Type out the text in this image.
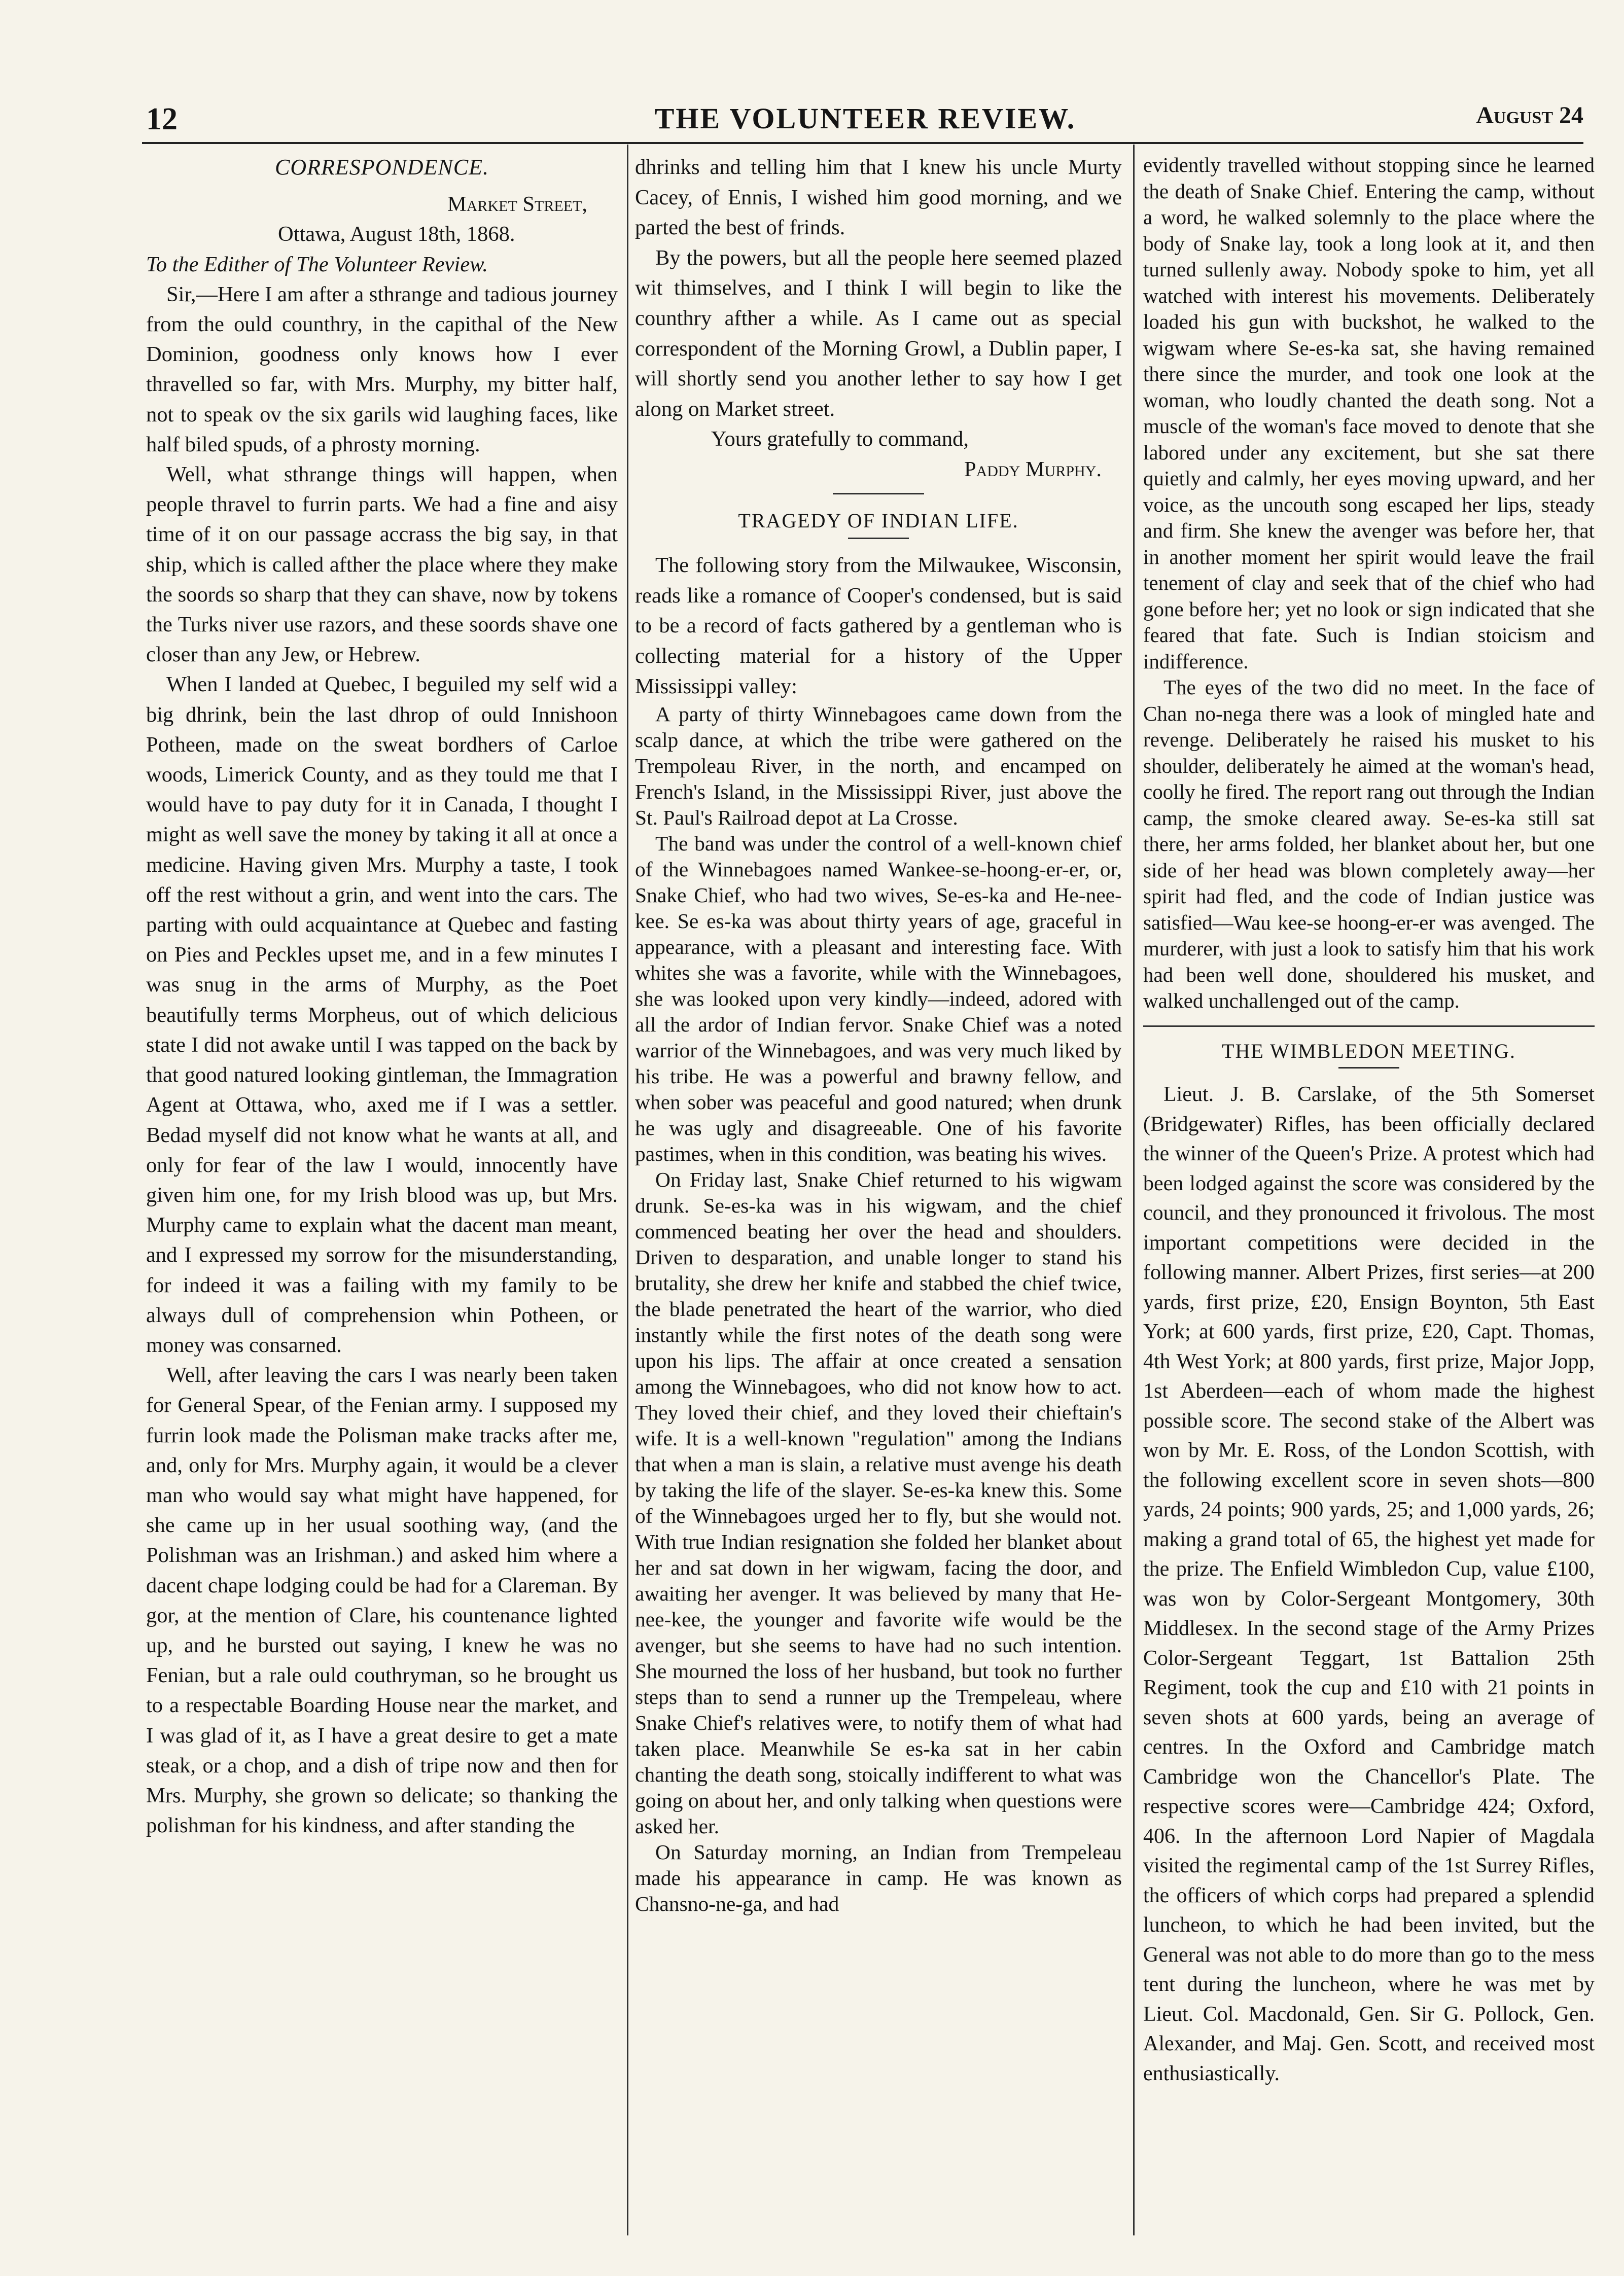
12	THE VOLUNTEER REVIEW.	August 24
CORRESPONDENCE.

Market Street,

Ottawa, August 18th, 1868.

To the Edither of The Volunteer Review.

Sir,—Here I am after a sthrange and tadious journey from the ould counthry, in the capithal of the New Dominion, goodness only knows how I ever thravelled so far, with Mrs. Murphy, my bitter half, not to speak ov the six garils wid laughing faces, like half biled spuds, of a phrosty morning.

Well, what sthrange things will happen, when people thravel to furrin parts. We had a fine and aisy time of it on our passage accrass the big say, in that ship, which is called afther the place where they make the soords so sharp that they can shave, now by tokens the Turks niver use razors, and these soords shave one closer than any Jew, or Hebrew.

When I landed at Quebec, I beguiled my self wid a big dhrink, bein the last dhrop of ould Innishoon Potheen, made on the sweat bordhers of Carloe woods, Limerick County, and as they tould me that I would have to pay duty for it in Canada, I thought I might as well save the money by taking it all at once a medicine. Having given Mrs. Murphy a taste, I took off the rest without a grin, and went into the cars. The parting with ould acquaintance at Quebec and fasting on Pies and Peckles upset me, and in a few minutes I was snug in the arms of Murphy, as the Poet beautifully terms Morpheus, out of which delicious state I did not awake until I was tapped on the back by that good natured looking gintleman, the Immagration Agent at Ottawa, who, axed me if I was a settler. Bedad myself did not know what he wants at all, and only for fear of the law I would, innocently have given him one, for my Irish blood was up, but Mrs. Murphy came to explain what the dacent man meant, and I expressed my sorrow for the misunderstanding, for indeed it was a failing with my family to be always dull of comprehension whin Potheen, or money was consarned.

Well, after leaving the cars I was nearly been taken for General Spear, of the Fenian army. I supposed my furrin look made the Polisman make tracks after me, and, only for Mrs. Murphy again, it would be a clever man who would say what might have happened, for she came up in her usual soothing way, (and the Polishman was an Irishman.) and asked him where a dacent chape lodging could be had for a Clareman. By gor, at the mention of Clare, his countenance lighted up, and he bursted out saying, I knew he was no Fenian, but a rale ould couthryman, so he brought us to a respectable Boarding House near the market, and I was glad of it, as I have a great desire to get a mate steak, or a chop, and a dish of tripe now and then for Mrs. Murphy, she grown so delicate; so thanking the polishman for his kindness, and after standing the

dhrinks and telling him that I knew his uncle Murty Cacey, of Ennis, I wished him good morning, and we parted the best of frinds.

By the powers, but all the people here seemed plazed wit thimselves, and I think I will begin to like the counthry afther a while. As I came out as special correspondent of the Morning Growl, a Dublin paper, I will shortly send you another lether to say how I get along on Market street.

Yours gratefully to command,

Paddy Murphy.

TRAGEDY OF INDIAN LIFE.

The following story from the Milwaukee, Wisconsin, reads like a romance of Cooper's condensed, but is said to be a record of facts gathered by a gentleman who is collecting material for a history of the Upper Mississippi valley:

A party of thirty Winnebagoes came down from the scalp dance, at which the tribe were gathered on the Trempoleau River, in the north, and encamped on French's Island, in the Mississippi River, just above the St. Paul's Railroad depot at La Crosse.

The band was under the control of a well-known chief of the Winnebagoes named Wankee-se-hoong-er-er, or, Snake Chief, who had two wives, Se-es-ka and He-nee-kee. Se es-ka was about thirty years of age, graceful in appearance, with a pleasant and interesting face. With whites she was a favorite, while with the Winnebagoes, she was looked upon very kindly—indeed, adored with all the ardor of Indian fervor. Snake Chief was a noted warrior of the Winnebagoes, and was very much liked by his tribe. He was a powerful and brawny fellow, and when sober was peaceful and good natured; when drunk he was ugly and disagreeable. One of his favorite pastimes, when in this condition, was beating his wives.

On Friday last, Snake Chief returned to his wigwam drunk. Se-es-ka was in his wigwam, and the chief commenced beating her over the head and shoulders. Driven to desparation, and unable longer to stand his brutality, she drew her knife and stabbed the chief twice, the blade penetrated the heart of the warrior, who died instantly while the first notes of the death song were upon his lips. The affair at once created a sensation among the Winnebagoes, who did not know how to act. They loved their chief, and they loved their chieftain's wife. It is a well-known "regulation" among the Indians that when a man is slain, a relative must avenge his death by taking the life of the slayer. Se-es-ka knew this. Some of the Winnebagoes urged her to fly, but she would not. With true Indian resignation she folded her blanket about her and sat down in her wigwam, facing the door, and awaiting her avenger. It was believed by many that He-nee-kee, the younger and favorite wife would be the avenger, but she seems to have had no such intention. She mourned the loss of her husband, but took no further steps than to send a runner up the Trempeleau, where Snake Chief's relatives were, to notify them of what had taken place. Meanwhile Se es-ka sat in her cabin chanting the death song, stoically indifferent to what was going on about her, and only talking when questions were asked her.

On Saturday morning, an Indian from Trempeleau made his appearance in camp. He was known as Chansno-ne-ga, and had

evidently travelled without stopping since he learned the death of Snake Chief. Entering the camp, without a word, he walked solemnly to the place where the body of Snake lay, took a long look at it, and then turned sullenly away. Nobody spoke to him, yet all watched with interest his movements. Deliberately loaded his gun with buckshot, he walked to the wigwam where Se-es-ka sat, she having remained there since the murder, and took one look at the woman, who loudly chanted the death song. Not a muscle of the woman's face moved to denote that she labored under any excitement, but she sat there quietly and calmly, her eyes moving upward, and her voice, as the uncouth song escaped her lips, steady and firm. She knew the avenger was before her, that in another moment her spirit would leave the frail tenement of clay and seek that of the chief who had gone before her; yet no look or sign indicated that she feared that fate. Such is Indian stoicism and indifference.

The eyes of the two did no meet. In the face of Chan no-nega there was a look of mingled hate and revenge. Deliberately he raised his musket to his shoulder, deliberately he aimed at the woman's head, coolly he fired. The report rang out through the Indian camp, the smoke cleared away. Se-es-ka still sat there, her arms folded, her blanket about her, but one side of her head was blown completely away—her spirit had fled, and the code of Indian justice was satisfied—Wau kee-se hoong-er-er was avenged. The murderer, with just a look to satisfy him that his work had been well done, shouldered his musket, and walked unchallenged out of the camp.

THE WIMBLEDON MEETING.

Lieut. J. B. Carslake, of the 5th Somerset (Bridgewater) Rifles, has been officially declared the winner of the Queen's Prize. A protest which had been lodged against the score was considered by the council, and they pronounced it frivolous. The most important competitions were decided in the following manner. Albert Prizes, first series—at 200 yards, first prize, £20, Ensign Boynton, 5th East York; at 600 yards, first prize, £20, Capt. Thomas, 4th West York; at 800 yards, first prize, Major Jopp, 1st Aberdeen—each of whom made the highest possible score. The second stake of the Albert was won by Mr. E. Ross, of the London Scottish, with the following excellent score in seven shots—800 yards, 24 points; 900 yards, 25; and 1,000 yards, 26; making a grand total of 65, the highest yet made for the prize. The Enfield Wimbledon Cup, value £100, was won by Color-Sergeant Montgomery, 30th Middlesex. In the second stage of the Army Prizes Color-Sergeant Teggart, 1st Battalion 25th Regiment, took the cup and £10 with 21 points in seven shots at 600 yards, being an average of centres. In the Oxford and Cambridge match Cambridge won the Chancellor's Plate. The respective scores were—Cambridge 424; Oxford, 406. In the afternoon Lord Napier of Magdala visited the regimental camp of the 1st Surrey Rifles, the officers of which corps had prepared a splendid luncheon, to which he had been invited, but the General was not able to do more than go to the mess tent during the luncheon, where he was met by Lieut. Col. Macdonald, Gen. Sir G. Pollock, Gen. Alexander, and Maj. Gen. Scott, and received most enthusiastically.
